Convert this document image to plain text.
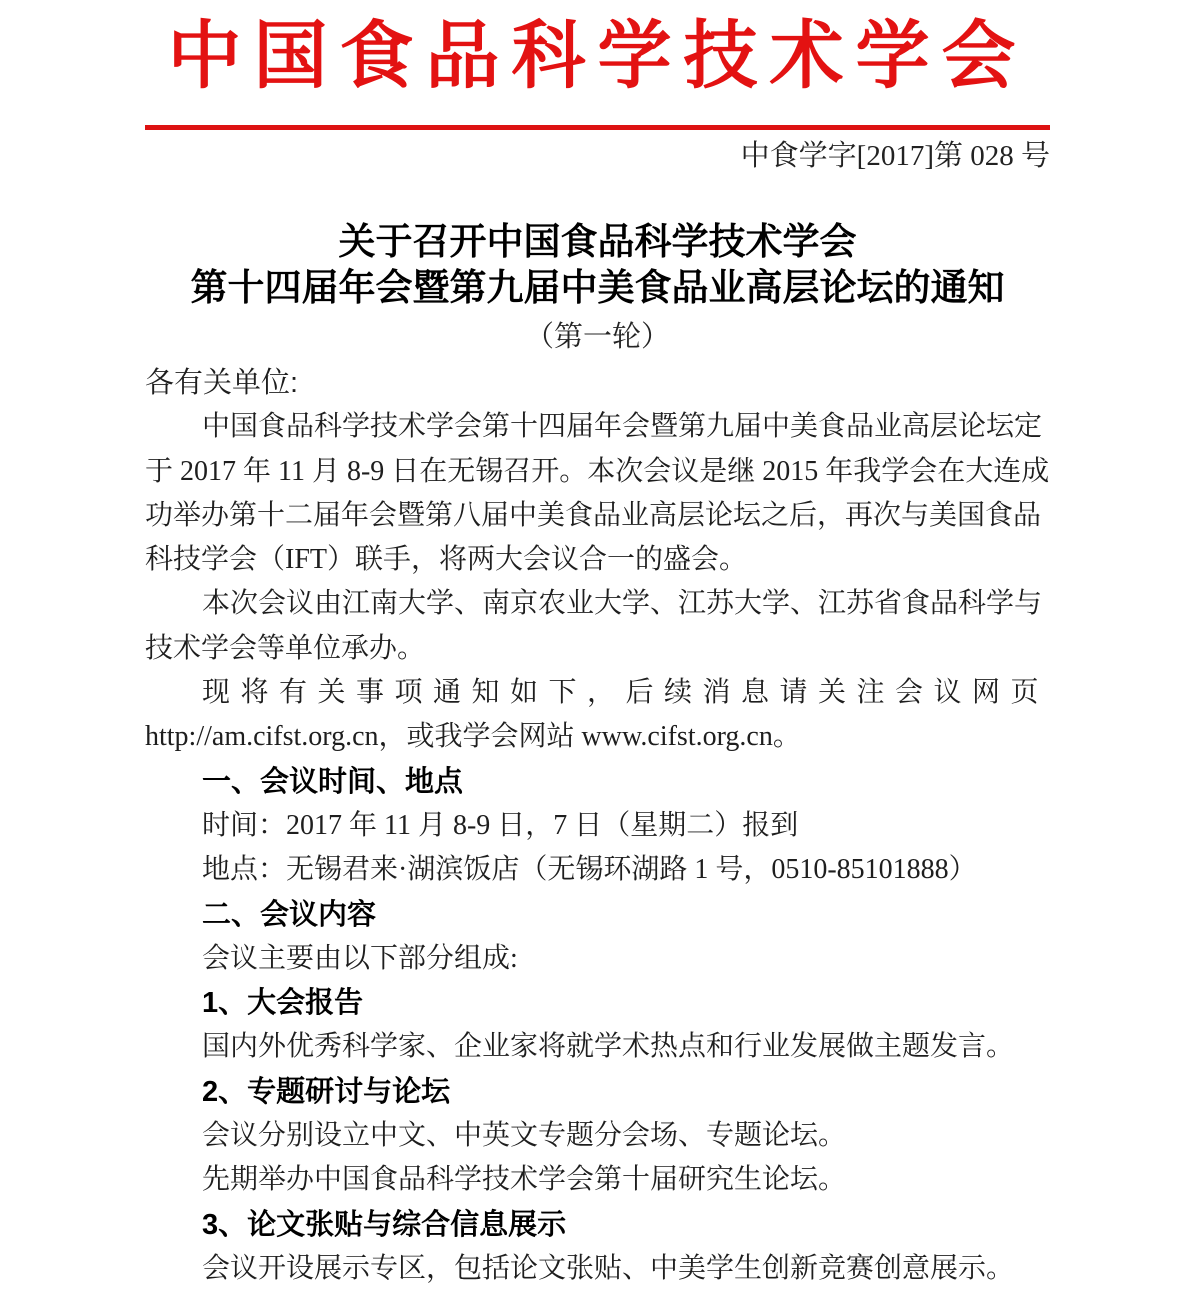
中国食品科学技术学会
中食学字[2017]第 028 号
关于召开中国食品科学技术学会
第十四届年会暨第九届中美食品业高层论坛的通知
（第一轮）
各有关单位:
中国食品科学技术学会第十四届年会暨第九届中美食品业高层论坛定
于 2017 年 11 月 8-9 日在无锡召开。本次会议是继 2015 年我学会在大连成
功举办第十二届年会暨第八届中美食品业高层论坛之后，再次与美国食品
科技学会（IFT）联手，将两大会议合一的盛会。
本次会议由江南大学、南京农业大学、江苏大学、江苏省食品科学与
技术学会等单位承办。
现将有关事项通知如下，后续消息请关注会议网页
http://am.cifst.org.cn，或我学会网站 www.cifst.org.cn。
一、会议时间、地点
时间：2017 年 11 月 8-9 日，7 日（星期二）报到
地点：无锡君来·湖滨饭店（无锡环湖路 1 号，0510-85101888）
二、会议内容
会议主要由以下部分组成:
1、大会报告
国内外优秀科学家、企业家将就学术热点和行业发展做主题发言。
2、专题研讨与论坛
会议分别设立中文、中英文专题分会场、专题论坛。
先期举办中国食品科学技术学会第十届研究生论坛。
3、论文张贴与综合信息展示
会议开设展示专区，包括论文张贴、中美学生创新竞赛创意展示。
